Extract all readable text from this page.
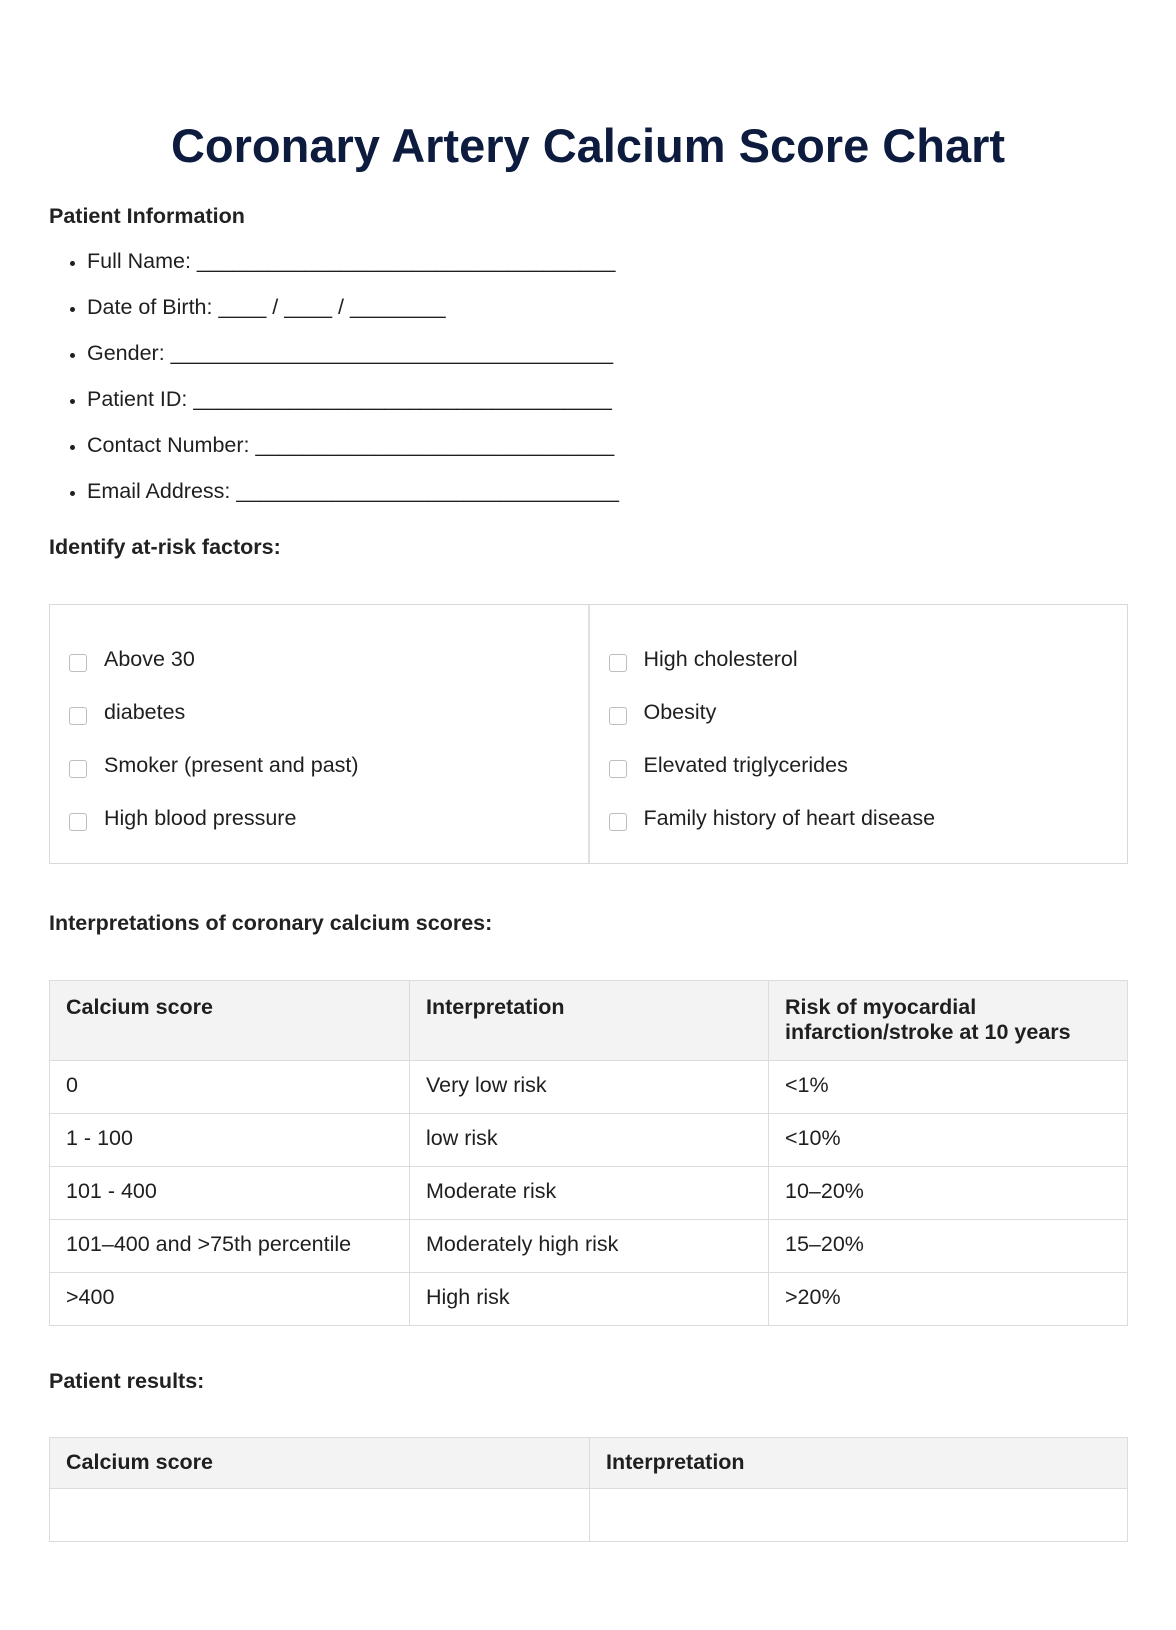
Coronary Artery Calcium Score Chart
Patient Information
• Full Name: ___________________________________
• Date of Birth: ____ / ____ / ________
• Gender: _____________________________________
• Patient ID: ___________________________________
• Contact Number: ______________________________
• Email Address: ________________________________
Identify at-risk factors:
Above 30
diabetes
Smoker (present and past)
High blood pressure
High cholesterol
Obesity
Elevated triglycerides
Family history of heart disease
Interpretations of coronary calcium scores:
Calcium score	Interpretation	Risk of myocardial infarction/stroke at 10 years
0	Very low risk	<1%
1 - 100	low risk	<10%
101 - 400	Moderate risk	10–20%
101–400 and >75th percentile	Moderately high risk	15–20%
>400	High risk	>20%
Patient results:
Calcium score	Interpretation
